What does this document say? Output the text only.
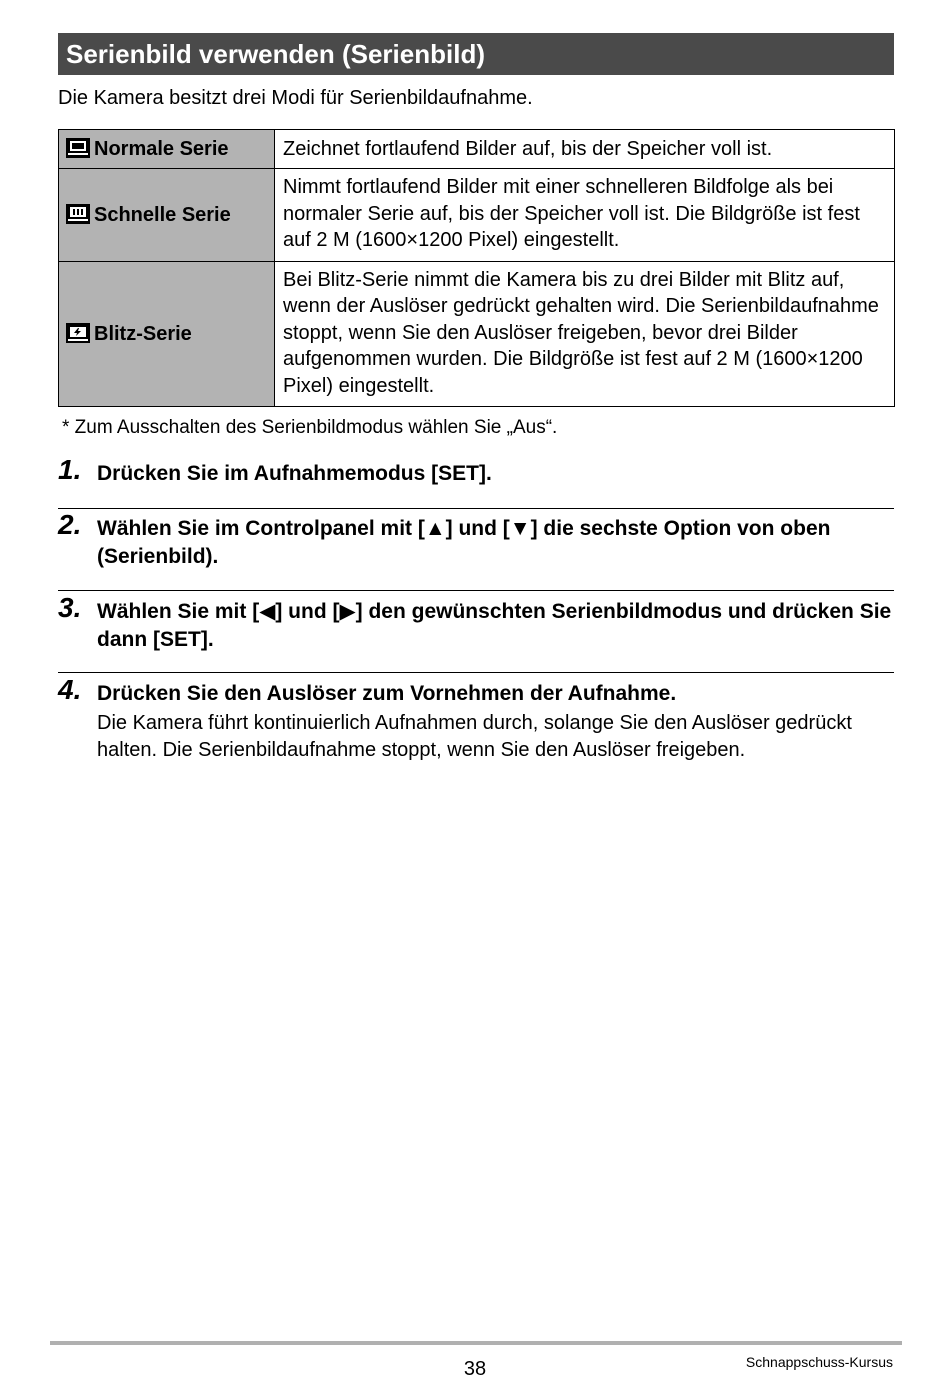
Serienbild verwenden (Serienbild)
Die Kamera besitzt drei Modi für Serienbildaufnahme.
Normale Serie	Zeichnet fortlaufend Bilder auf, bis der Speicher voll ist.
Schnelle Serie	Nimmt fortlaufend Bilder mit einer schnelleren Bildfolge als bei normaler Serie auf, bis der Speicher voll ist. Die Bildgröße ist fest auf 2 M (1600×1200 Pixel) eingestellt.
Blitz-Serie	Bei Blitz-Serie nimmt die Kamera bis zu drei Bilder mit Blitz auf, wenn der Auslöser gedrückt gehalten wird. Die Serienbildaufnahme stoppt, wenn Sie den Auslöser freigeben, bevor drei Bilder aufgenommen wurden. Die Bildgröße ist fest auf 2 M (1600×1200 Pixel) eingestellt.
* Zum Ausschalten des Serienbildmodus wählen Sie „Aus“.
1. Drücken Sie im Aufnahmemodus [SET].
2. Wählen Sie im Controlpanel mit [▲] und [▼] die sechste Option von oben (Serienbild).
3. Wählen Sie mit [◀] und [▶] den gewünschten Serienbildmodus und drücken Sie dann [SET].
4. Drücken Sie den Auslöser zum Vornehmen der Aufnahme.
Die Kamera führt kontinuierlich Aufnahmen durch, solange Sie den Auslöser gedrückt halten. Die Serienbildaufnahme stoppt, wenn Sie den Auslöser freigeben.
38	Schnappschuss-Kursus
